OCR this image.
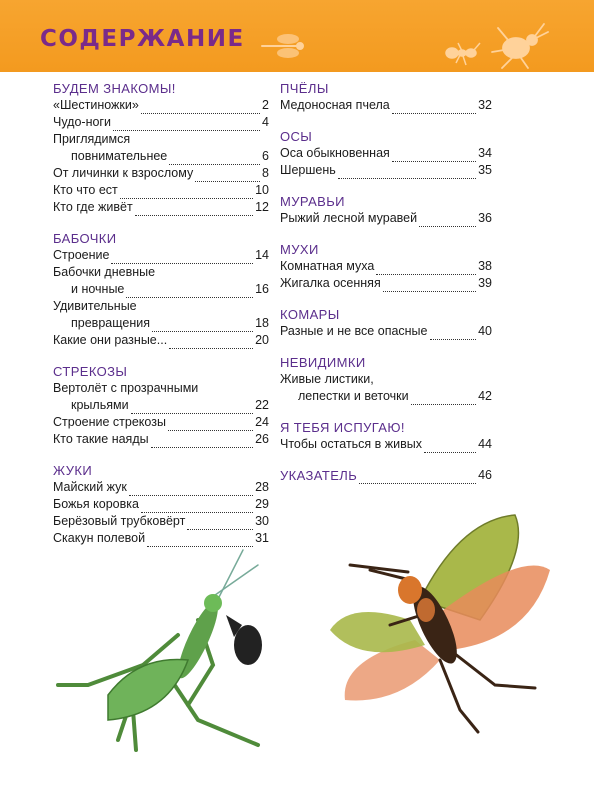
СОДЕРЖАНИЕ
БУДЕМ ЗНАКОМЫ!
«Шестиножки»	2
Чудо-ноги	4
Приглядимся
повнимательнее	6
От личинки к взрослому	8
Кто что ест	10
Кто где живёт	12
БАБОЧКИ
Строение	14
Бабочки дневные
и ночные	16
Удивительные
превращения	18
Какие они разные...	20
СТРЕКОЗЫ
Вертолёт с прозрачными
крыльями	22
Строение стрекозы	24
Кто такие наяды	26
ЖУКИ
Майский жук	28
Божья коровка	29
Берёзовый трубковёрт	30
Скакун полевой	31
ПЧЁЛЫ
Медоносная пчела	32
ОСЫ
Оса обыкновенная	34
Шершень	35
МУРАВЬИ
Рыжий лесной муравей	36
МУХИ
Комнатная муха	38
Жигалка осенняя	39
КОМАРЫ
Разные и не все опасные	40
НЕВИДИМКИ
Живые листики,
лепестки и веточки	42
Я ТЕБЯ ИСПУГАЮ!
Чтобы остаться в живых	44
УКАЗАТЕЛЬ	46
